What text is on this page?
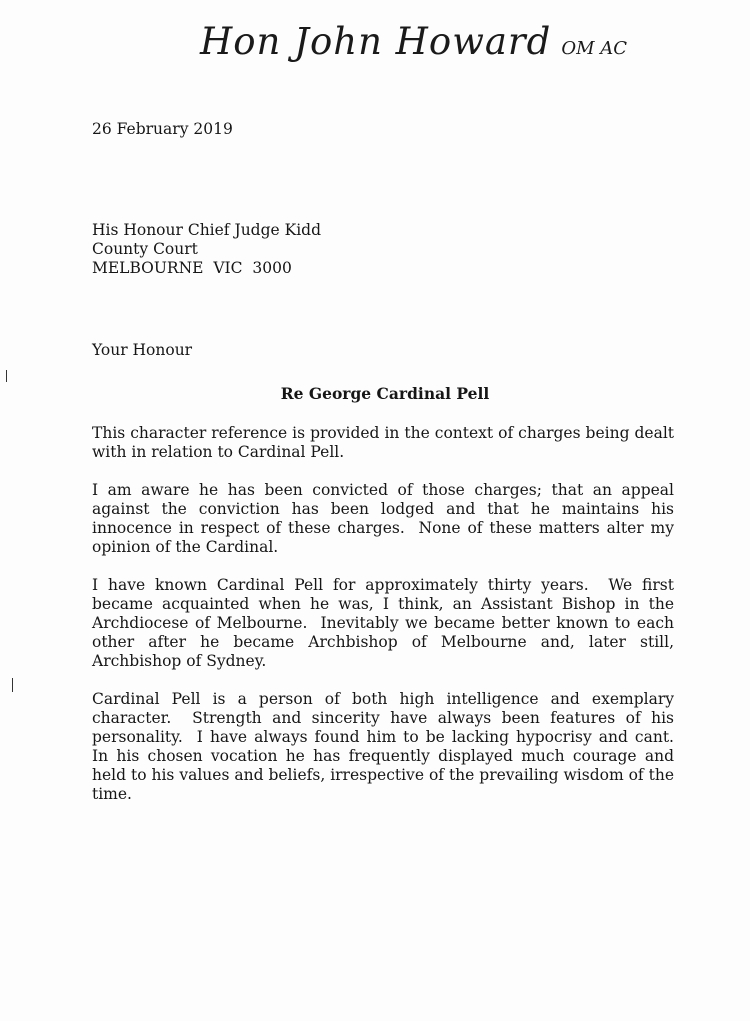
Hon John Howard OM AC
26 February 2019
His Honour Chief Judge Kidd
County Court
MELBOURNE  VIC  3000
Your Honour
Re George Cardinal Pell

This character reference is provided in the context of charges being dealt with in relation to Cardinal Pell.

I am aware he has been convicted of those charges; that an appeal against the conviction has been lodged and that he maintains his innocence in respect of these charges.  None of these matters alter my opinion of the Cardinal.

I have known Cardinal Pell for approximately thirty years.  We first became acquainted when he was, I think, an Assistant Bishop in the Archdiocese of Melbourne.  Inevitably we became better known to each other after he became Archbishop of Melbourne and, later still, Archbishop of Sydney.

Cardinal Pell is a person of both high intelligence and exemplary character.  Strength and sincerity have always been features of his personality.  I have always found him to be lacking hypocrisy and cant.  In his chosen vocation he has frequently displayed much courage and held to his values and beliefs, irrespective of the prevailing wisdom of the time.
